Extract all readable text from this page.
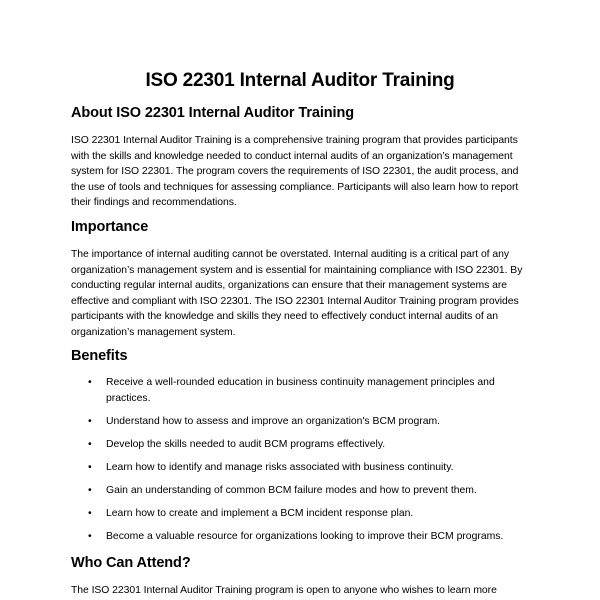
ISO 22301 Internal Auditor Training
About ISO 22301 Internal Auditor Training

ISO 22301 Internal Auditor Training is a comprehensive training program that provides participants with the skills and knowledge needed to conduct internal audits of an organization’s management system for ISO 22301. The program covers the requirements of ISO 22301, the audit process, and the use of tools and techniques for assessing compliance. Participants will also learn how to report their findings and recommendations.

Importance

The importance of internal auditing cannot be overstated. Internal auditing is a critical part of any organization’s management system and is essential for maintaining compliance with ISO 22301. By conducting regular internal audits, organizations can ensure that their management systems are effective and compliant with ISO 22301. The ISO 22301 Internal Auditor Training program provides participants with the knowledge and skills they need to effectively conduct internal audits of an organization’s management system.

Benefits
• Receive a well-rounded education in business continuity management principles and practices.
• Understand how to assess and improve an organization's BCM program.
• Develop the skills needed to audit BCM programs effectively.
• Learn how to identify and manage risks associated with business continuity.
• Gain an understanding of common BCM failure modes and how to prevent them.
• Learn how to create and implement a BCM incident response plan.
• Become a valuable resource for organizations looking to improve their BCM programs.
Who Can Attend?

The ISO 22301 Internal Auditor Training program is open to anyone who wishes to learn more
